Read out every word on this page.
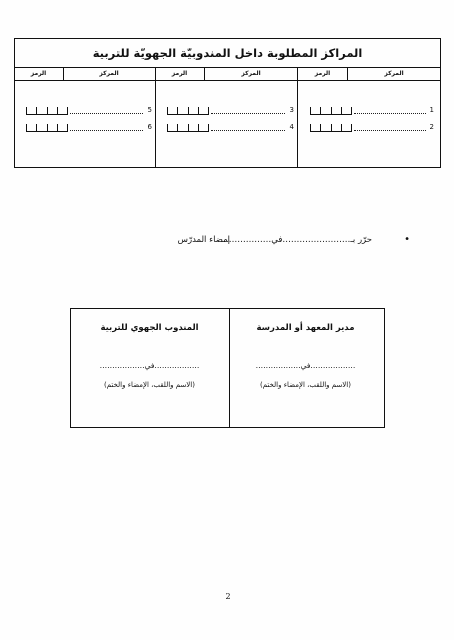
المراكز المطلوبة داخل المندوبيّة الجهويّة للتربية
المركز
الرمز
1
2
المركز
الرمز
3
4
المركز
الرمز
5
6
•
حرّر بـ……………………في………………
إمضاء المدرّس
مدير المعهد أو المدرسة
………………في………………
(الاسم واللقب، الإمضاء والختم)
المندوب الجهوي للتربية
………………في………………
(الاسم واللقب، الإمضاء والختم)
2
